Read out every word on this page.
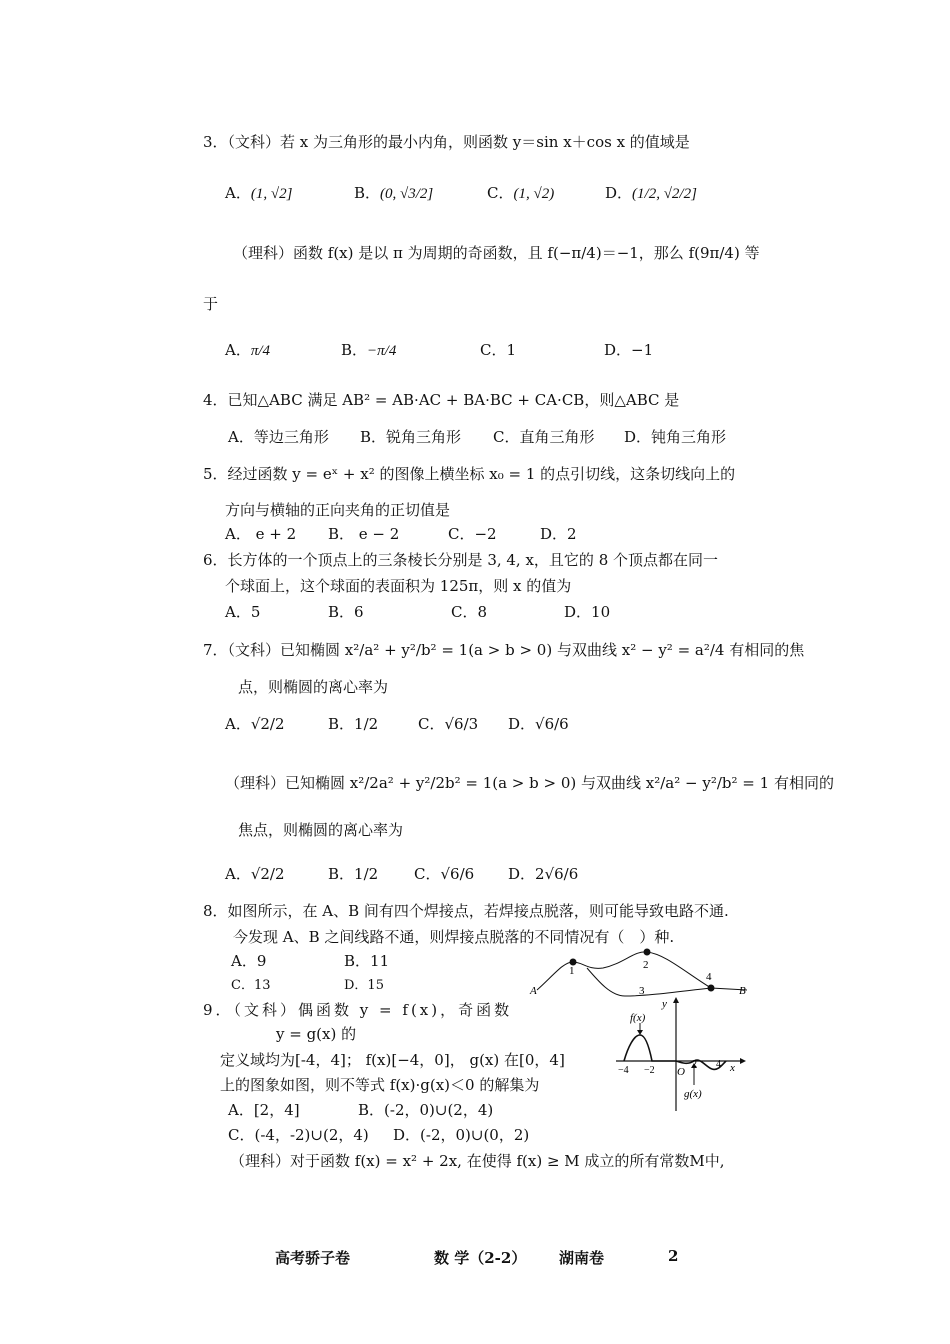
3．（文科）若 x 为三角形的最小内角，则函数 y＝sin x＋cos x 的值域是
A．(1, √2]	B．(0, √3/2]	C．(1, √2)	D．(1/2, √2/2]
（理科）函数 f(x) 是以 π 为周期的奇函数，且 f(−π/4)＝−1，那么 f(9π/4) 等
于
A．π/4	B．−π/4	C．1	D．−1
4．已知△ABC 满足 AB² = AB·AC + BA·BC + CA·CB，则△ABC 是
A．等边三角形 B．锐角三角形 C．直角三角形 D．钝角三角形
5．经过函数 y = eˣ + x² 的图像上横坐标 x₀ = 1 的点引切线，这条切线向上的
方向与横轴的正向夹角的正切值是
A． e + 2 B． e − 2	C．−2	D．2
6．长方体的一个顶点上的三条棱长分别是 3, 4, x，且它的 8 个顶点都在同一
个球面上，这个球面的表面积为 125π，则 x 的值为
A．5	B．6	C．8	D．10
7．（文科）已知椭圆 x²/a² + y²/b² = 1(a > b > 0) 与双曲线 x² − y² = a²/4 有相同的焦
点，则椭圆的离心率为
A．√2/2	B．1/2	C．√6/3 D．√6/6
（理科）已知椭圆 x²/2a² + y²/2b² = 1(a > b > 0) 与双曲线 x²/a² − y²/b² = 1 有相同的
焦点，则椭圆的离心率为
A．√2/2	B．1/2 C．√6/6 D．2√6/6
8．如图所示，在 A、B 间有四个焊接点，若焊接点脱落，则可能导致电路不通.
今发现 A、B 之间线路不通，则焊接点脱落的不同情况有（　）种.
A．9	B．11
C．13	D．15	A	B
1	2
3
4
9．（文科）偶函数 y = f(x)，奇函数
y = g(x) 的
定义域均为[-4，4]； f(x)[−4，0]， g(x) 在[0，4]
上的图象如图，则不等式 f(x)·g(x)＜0 的解集为
A．[2，4]	B．(-2，0)∪(2，4)
C．(-4，-2)∪(2，4) D．(-2，0)∪(0，2)
（理科）对于函数 f(x) = x² + 2x, 在使得 f(x) ≥ M 成立的所有常数M中,
y
x
O
f(x)
g(x)
−4 −2
2 4
高考骄子卷	数 学（2-2） 湖南卷	2
